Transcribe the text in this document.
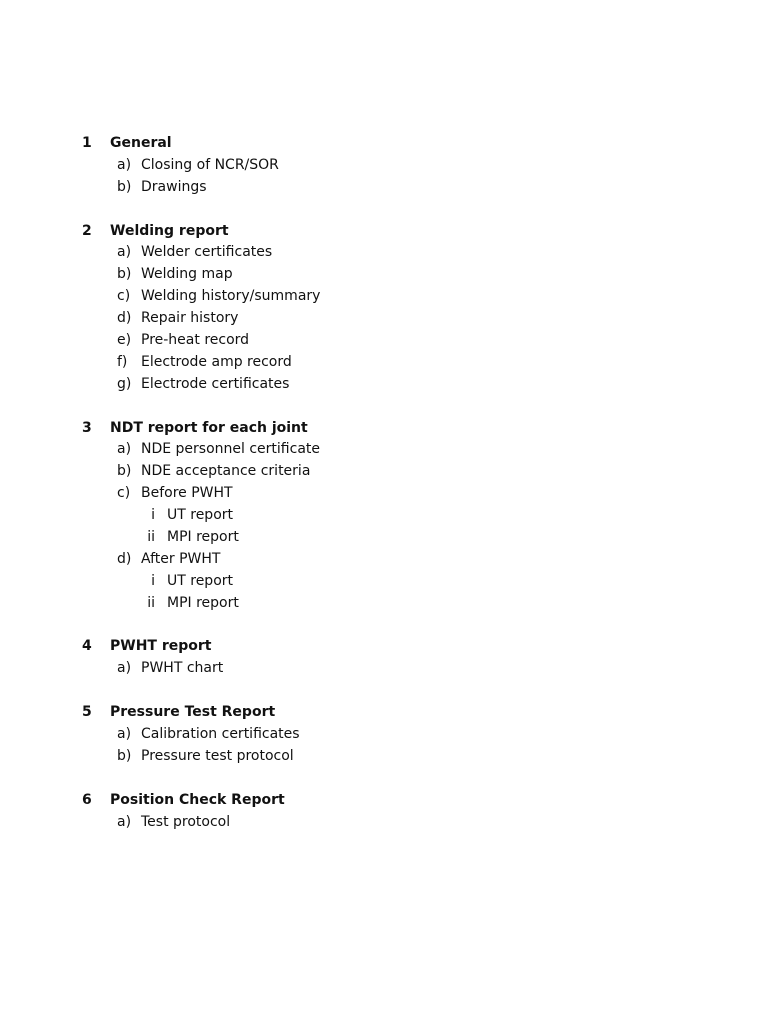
1 General
a) Closing of NCR/SOR
b) Drawings
2 Welding report
a) Welder certificates
b) Welding map
c) Welding history/summary
d) Repair history
e) Pre-heat record
f) Electrode amp record
g) Electrode certificates
3 NDT report for each joint
a) NDE personnel certificate
b) NDE acceptance criteria
c) Before PWHT
i UT report
ii MPI report
d) After PWHT
i UT report
ii MPI report
4 PWHT report
a) PWHT chart
5 Pressure Test Report
a) Calibration certificates
b) Pressure test protocol
6 Position Check Report
a) Test protocol
